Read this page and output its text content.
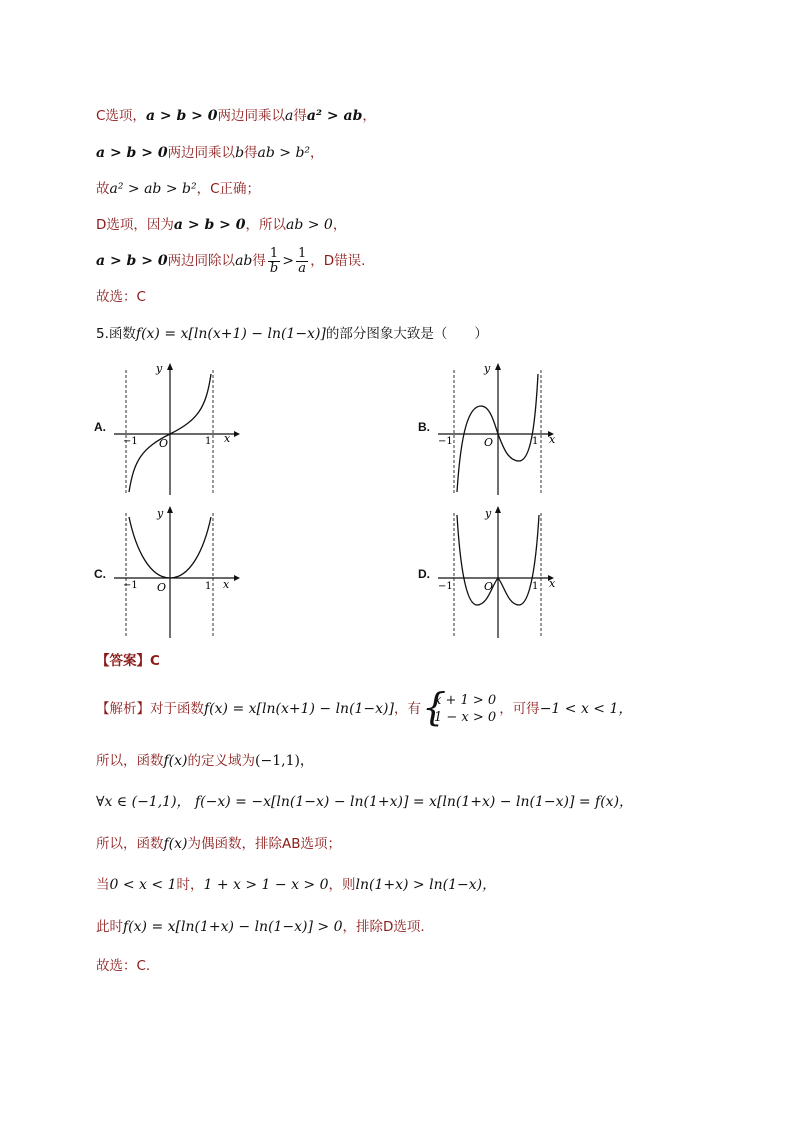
C选项，a > b > 0两边同乘以a得a² > ab，
a > b > 0两边同乘以b得ab > b²，
故a² > ab > b²，C正确；
D选项，因为a > b > 0，所以ab > 0，
a > b > 0两边同除以ab得 $\frac{1}{b} > \frac{1}{a}$ ，D错误.
故选：C
5.函数f(x) = x[ln(x+1) − ln(1−x)]的部分图象大致是（　　）
A.
y
x
O
−1	1
B.
y
x
O
−1	1
C.
y
x
O
−1	1
D.
y
x
O
−1	1
【答案】C
【解析】对于函数f(x) = x[ln(x+1) − ln(1−x)]，有 {
x + 1 > 0
1 − x > 0
，可得−1 < x < 1，
所以，函数f(x)的定义域为(−1,1)，
∀x ∈ (−1,1)， f(−x) = −x[ln(1−x) − ln(1+x)] = x[ln(1+x) − ln(1−x)] = f(x)，
所以，函数f(x)为偶函数，排除AB选项；
当0 < x < 1时，1 + x > 1 − x > 0，则ln(1+x) > ln(1−x)，
此时f(x) = x[ln(1+x) − ln(1−x)] > 0，排除D选项.
故选：C.
